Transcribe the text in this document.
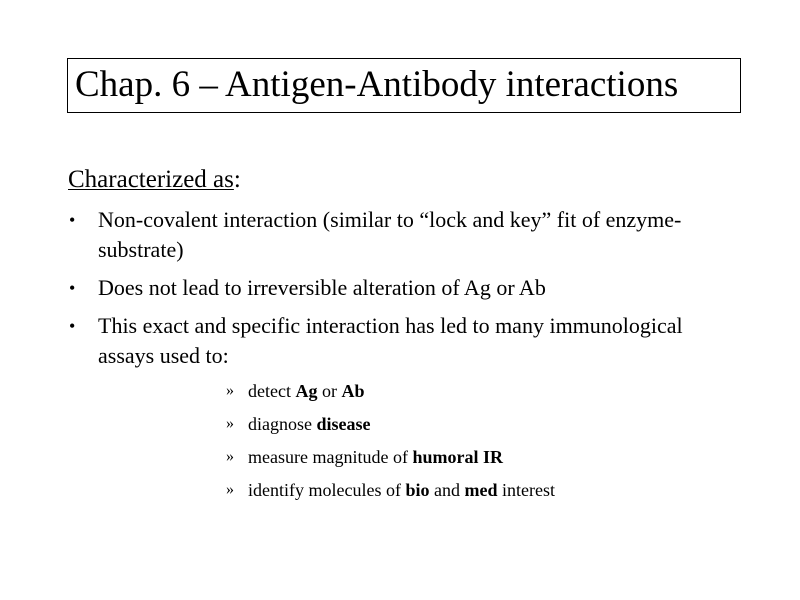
Chap. 6 – Antigen-Antibody interactions
Characterized as:
• Non-covalent interaction (similar to “lock and key” fit of enzyme-substrate)
• Does not lead to irreversible alteration of Ag or Ab
• This exact and specific interaction has led to many immunological assays used to:
» detect Ag or Ab
» diagnose disease
» measure magnitude of humoral IR
» identify molecules of bio and med interest
